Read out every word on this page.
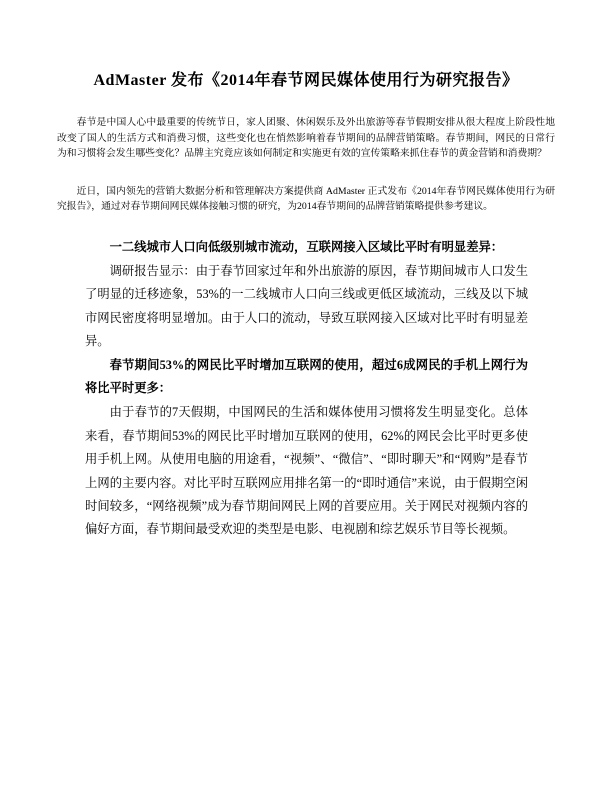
AdMaster 发布《2014年春节网民媒体使用行为研究报告》

春节是中国人心中最重要的传统节日，家人团聚、休闲娱乐及外出旅游等春节假期安排从很大程度上阶段性地改变了国人的生活方式和消费习惯，这些变化也在悄然影响着春节期间的品牌营销策略。春节期间，网民的日常行为和习惯将会发生哪些变化？品牌主究竟应该如何制定和实施更有效的宣传策略来抓住春节的黄金营销和消费期？

近日，国内领先的营销大数据分析和管理解决方案提供商 AdMaster 正式发布《2014年春节网民媒体使用行为研究报告》，通过对春节期间网民媒体接触习惯的研究，为2014春节期间的品牌营销策略提供参考建议。

一二线城市人口向低级别城市流动，互联网接入区域比平时有明显差异：

调研报告显示：由于春节回家过年和外出旅游的原因，春节期间城市人口发生了明显的迁移迹象，53%的一二线城市人口向三线或更低区域流动，三线及以下城市网民密度将明显增加。由于人口的流动，导致互联网接入区域对比平时有明显差异。

春节期间53%的网民比平时增加互联网的使用，超过6成网民的手机上网行为将比平时更多：

由于春节的7天假期，中国网民的生活和媒体使用习惯将发生明显变化。总体来看，春节期间53%的网民比平时增加互联网的使用，62%的网民会比平时更多使用手机上网。从使用电脑的用途看，“视频”、“微信”、“即时聊天”和“网购”是春节上网的主要内容。对比平时互联网应用排名第一的“即时通信”来说，由于假期空闲时间较多，“网络视频”成为春节期间网民上网的首要应用。关于网民对视频内容的偏好方面，春节期间最受欢迎的类型是电影、电视剧和综艺娱乐节目等长视频。
